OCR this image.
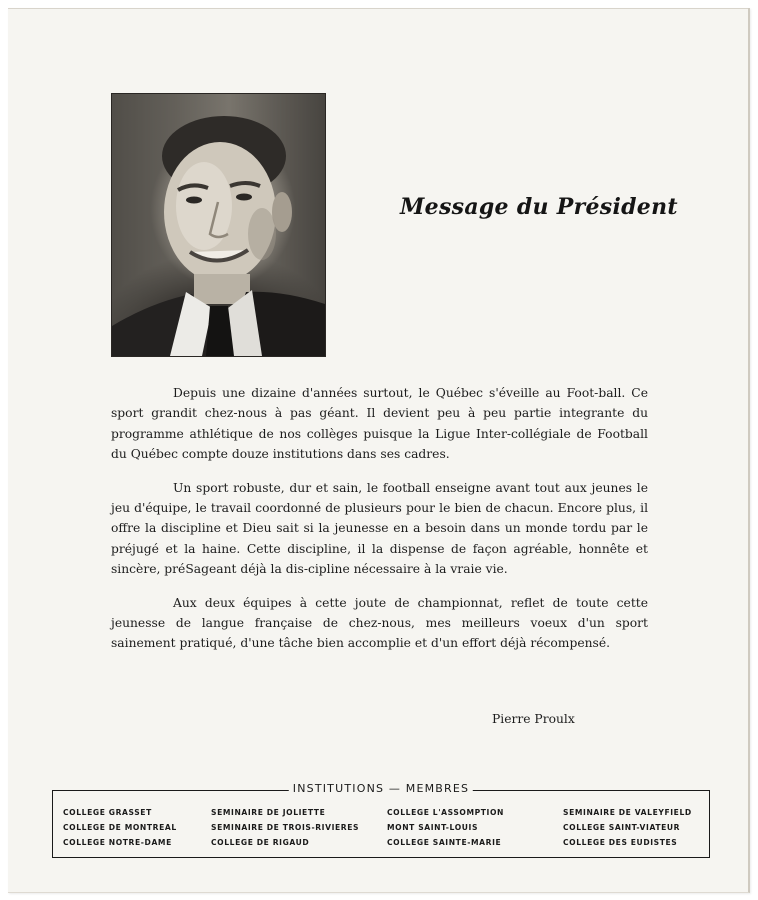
Message du Président

Depuis une dizaine d'années surtout, le Québec s'éveille au Foot-ball. Ce sport grandit chez-nous à pas géant. Il devient peu à peu partie integrante du programme athlétique de nos collèges puisque la Ligue Inter-collégiale de Football du Québec compte douze institutions dans ses cadres.

Un sport robuste, dur et sain, le football enseigne avant tout aux jeunes le jeu d'équipe, le travail coordonné de plusieurs pour le bien de chacun. Encore plus, il offre la discipline et Dieu sait si la jeunesse en a besoin dans un monde tordu par le préjugé et la haine. Cette discipline, il la dispense de façon agréable, honnête et sincère, préSageant déjà la dis-cipline nécessaire à la vraie vie.

Aux deux équipes à cette joute de championnat, reflet de toute cette jeunesse de langue française de chez-nous, mes meilleurs voeux d'un sport sainement pratiqué, d'une tâche bien accomplie et d'un effort déjà récompensé.

Pierre Proulx
INSTITUTIONS — MEMBRES
COLLEGE GRASSET
COLLEGE DE MONTREAL
COLLEGE NOTRE-DAME
SEMINAIRE DE JOLIETTE
SEMINAIRE DE TROIS-RIVIERES
COLLEGE DE RIGAUD
COLLEGE L'ASSOMPTION
MONT SAINT-LOUIS
COLLEGE SAINTE-MARIE
SEMINAIRE DE VALEYFIELD
COLLEGE SAINT-VIATEUR
COLLEGE DES EUDISTES
